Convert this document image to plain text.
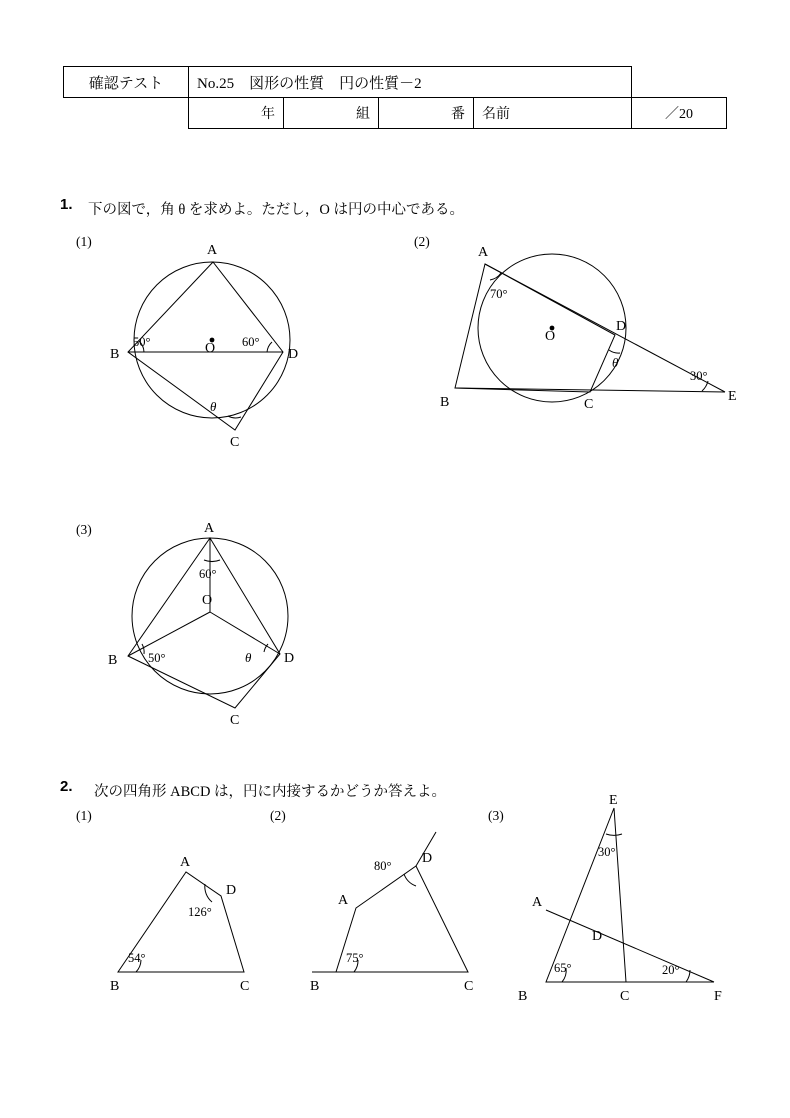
確認テスト	No.25　図形の性質　円の性質－2				
	年	組	番	名前	／20
1. 下の図で，角 θ を求めよ。ただし，O は円の中心である。
(1)	(2)
(3)
A
B
C
D
O
50°	60°
θ
A
B	C
D
E
O
70°
30°
θ
A
B
C
D
O
60°
50°	θ
2. 次の四角形 ABCD は，円に内接するかどうか答えよ。
(1)	(2)	(3)
A
B	C
D
126°
54°
A
B	C
D
80°
75°
E
A
B	C
D
F
30°
65°	20°
